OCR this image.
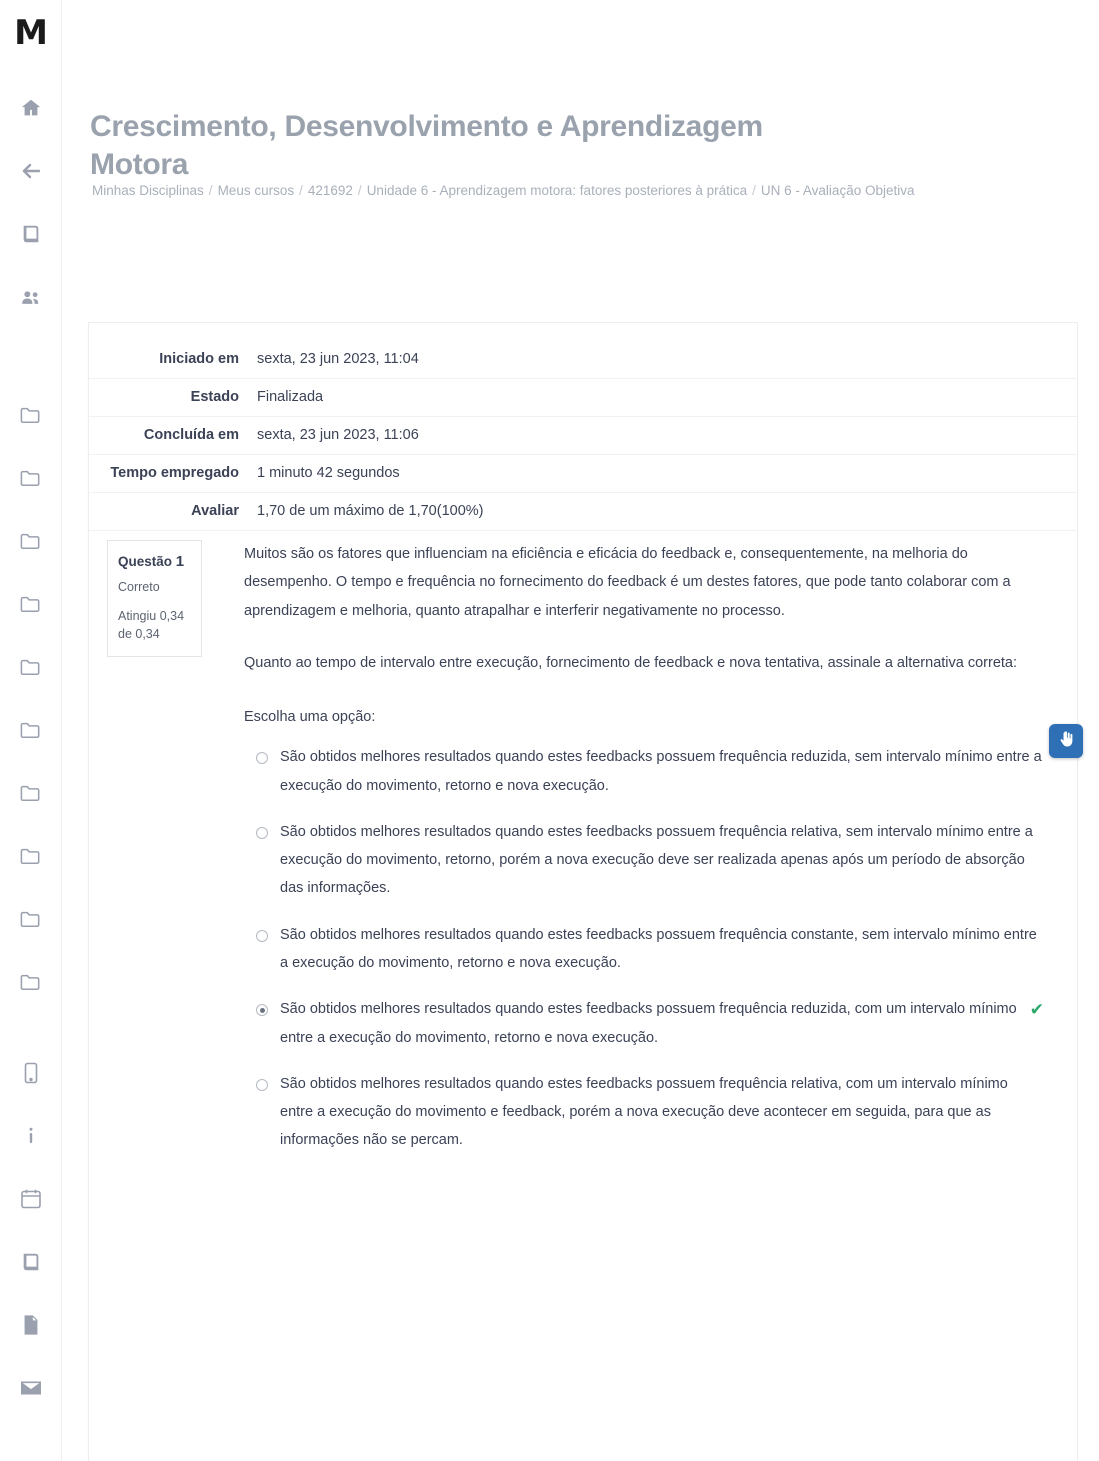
M
Crescimento, Desenvolvimento e Aprendizagem Motora
Minhas Disciplinas / Meus cursos / 421692 / Unidade 6 - Aprendizagem motora: fatores posteriores à prática / UN 6 - Avaliação Objetiva
Iniciado em	sexta, 23 jun 2023, 11:04
Estado	Finalizada
Concluída em	sexta, 23 jun 2023, 11:06
Tempo empregado	1 minuto 42 segundos
Avaliar	1,70 de um máximo de 1,70(100%)
Questão 1
Correto
Atingiu 0,34 de 0,34

Muitos são os fatores que influenciam na eficiência e eficácia do feedback e, consequentemente, na melhoria do desempenho. O tempo e frequência no fornecimento do feedback é um destes fatores, que pode tanto colaborar com a aprendizagem e melhoria, quanto atrapalhar e interferir negativamente no processo.

Quanto ao tempo de intervalo entre execução, fornecimento de feedback e nova tentativa, assinale a alternativa correta:

Escolha uma opção:
São obtidos melhores resultados quando estes feedbacks possuem frequência reduzida, sem intervalo mínimo entre a execução do movimento, retorno e nova execução.
São obtidos melhores resultados quando estes feedbacks possuem frequência relativa, sem intervalo mínimo entre a execução do movimento, retorno, porém a nova execução deve ser realizada apenas após um período de absorção das informações.
São obtidos melhores resultados quando estes feedbacks possuem frequência constante, sem intervalo mínimo entre a execução do movimento, retorno e nova execução.
São obtidos melhores resultados quando estes feedbacks possuem frequência reduzida, com um intervalo mínimo entre a execução do movimento, retorno e nova execução.
✔
São obtidos melhores resultados quando estes feedbacks possuem frequência relativa, com um intervalo mínimo entre a execução do movimento e feedback, porém a nova execução deve acontecer em seguida, para que as informações não se percam.
